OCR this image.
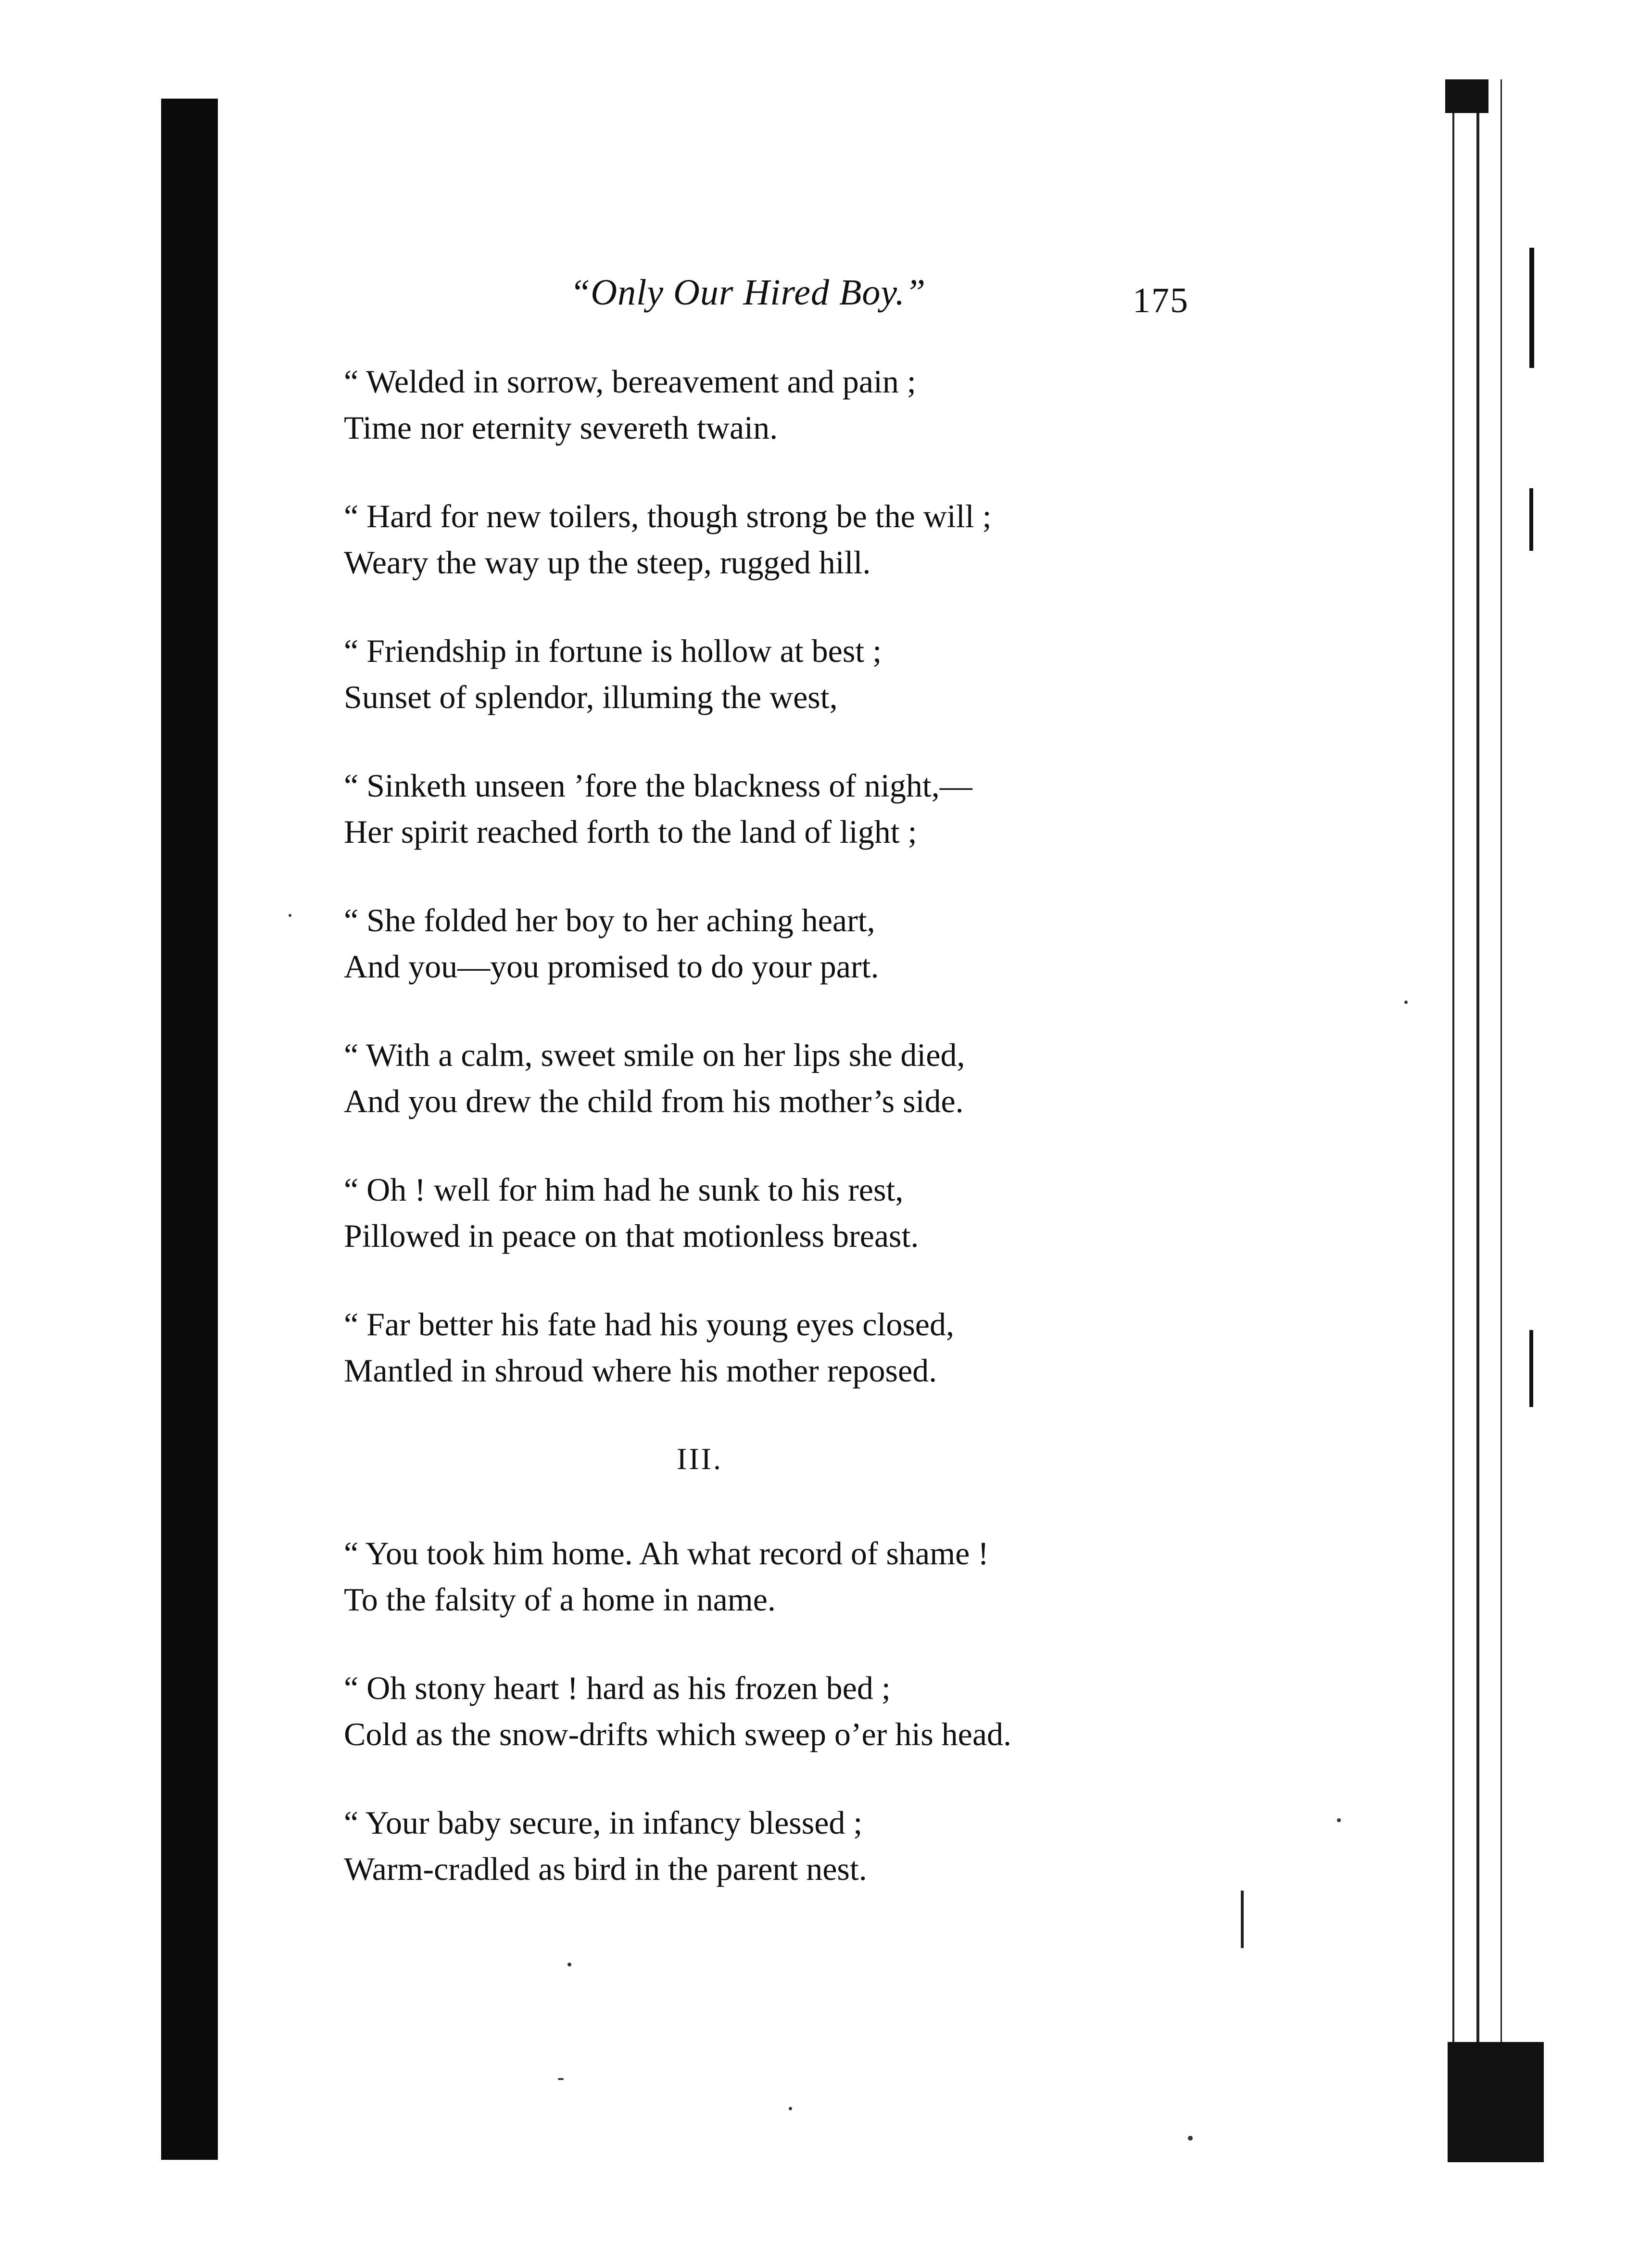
“Only Our Hired Boy.”	175
“ Welded in sorrow, bereavement and pain ;
Time nor eternity severeth twain.
“ Hard for new toilers, though strong be the will ;
Weary the way up the steep, rugged hill.
“ Friendship in fortune is hollow at best ;
Sunset of splendor, illuming the west,
“ Sinketh unseen ’fore the blackness of night,—
Her spirit reached forth to the land of light ;
“ She folded her boy to her aching heart,
And you—you promised to do your part.
“ With a calm, sweet smile on her lips she died,
And you drew the child from his mother’s side.
“ Oh ! well for him had he sunk to his rest,
Pillowed in peace on that motionless breast.
“ Far better his fate had his young eyes closed,
Mantled in shroud where his mother reposed.
III.
“ You took him home. Ah what record of shame !
To the falsity of a home in name.
“ Oh stony heart ! hard as his frozen bed ;
Cold as the snow-drifts which sweep o’er his head.
“ Your baby secure, in infancy blessed ;
Warm-cradled as bird in the parent nest.
